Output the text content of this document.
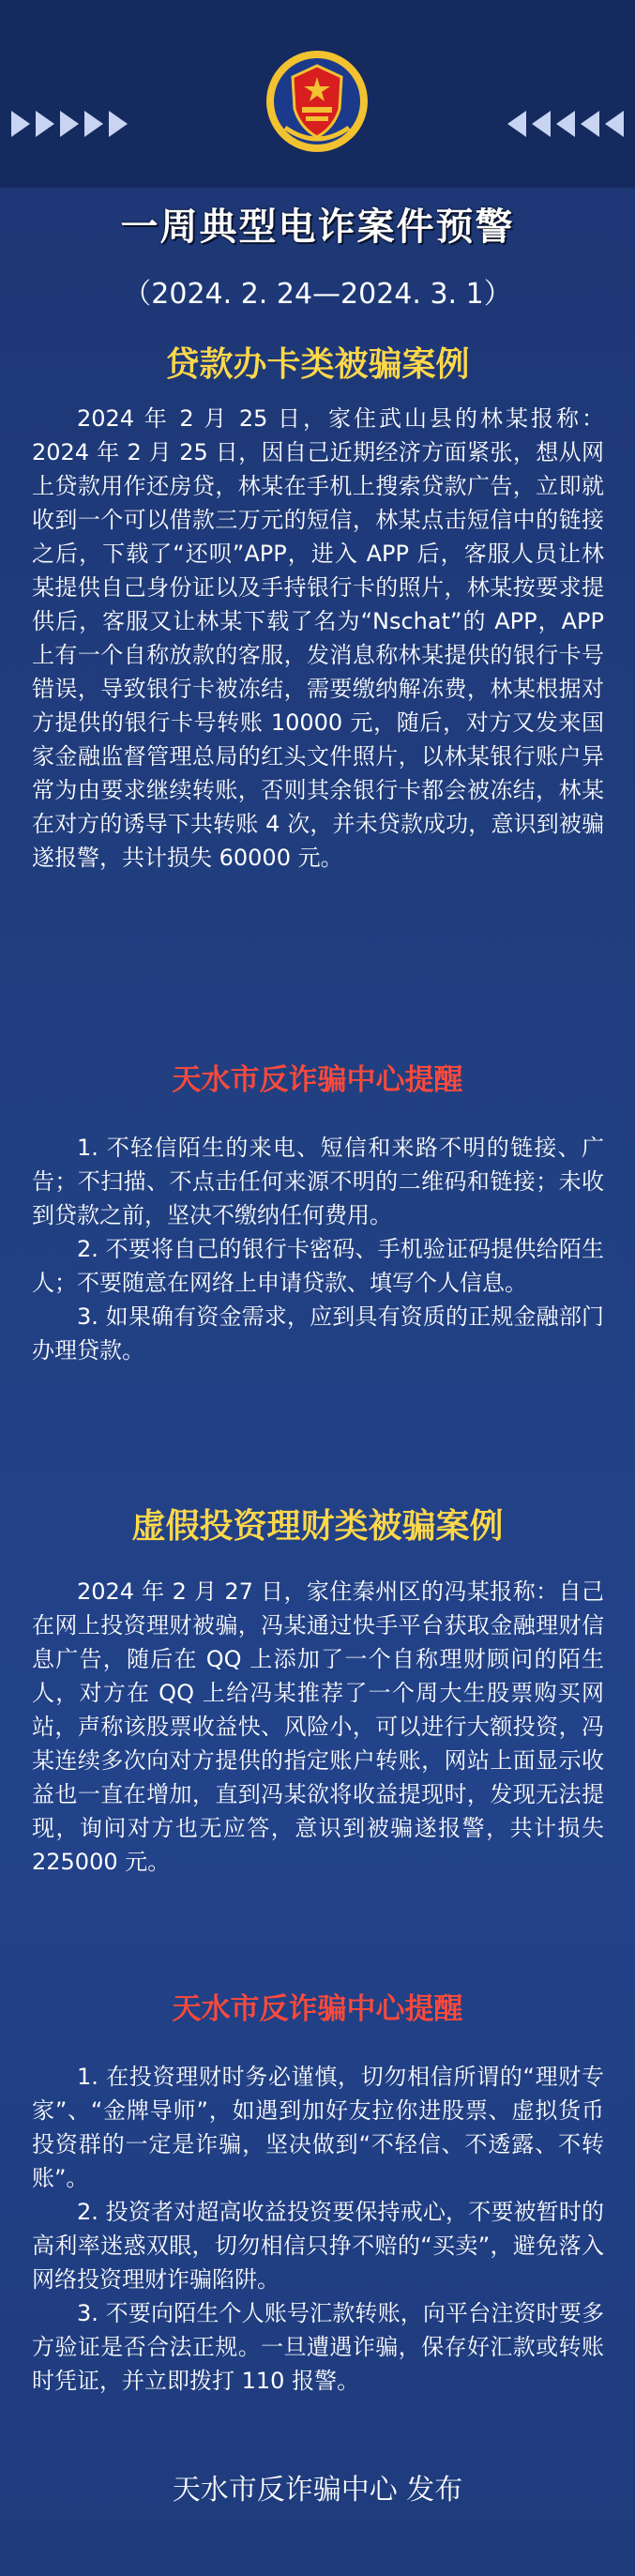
一周典型电诈案件预警
（2024. 2. 24—2024. 3. 1）
贷款办卡类被骗案例
2024 年 2 月 25 日，家住武山县的林某报称：2024 年 2 月 25 日，因自己近期经济方面紧张，想从网上贷款用作还房贷，林某在手机上搜索贷款广告，立即就收到一个可以借款三万元的短信，林某点击短信中的链接之后，下载了“还呗”APP，进入 APP 后，客服人员让林某提供自己身份证以及手持银行卡的照片，林某按要求提供后，客服又让林某下载了名为“Nschat”的 APP，APP 上有一个自称放款的客服，发消息称林某提供的银行卡号错误，导致银行卡被冻结，需要缴纳解冻费，林某根据对方提供的银行卡号转账 10000 元，随后，对方又发来国家金融监督管理总局的红头文件照片，以林某银行账户异常为由要求继续转账，否则其余银行卡都会被冻结，林某在对方的诱导下共转账 4 次，并未贷款成功，意识到被骗遂报警，共计损失 60000 元。
天水市反诈骗中心提醒

1. 不轻信陌生的来电、短信和来路不明的链接、广告；不扫描、不点击任何来源不明的二维码和链接；未收到贷款之前，坚决不缴纳任何费用。

2. 不要将自己的银行卡密码、手机验证码提供给陌生人；不要随意在网络上申请贷款、填写个人信息。

3. 如果确有资金需求，应到具有资质的正规金融部门办理贷款。

虚假投资理财类被骗案例
2024 年 2 月 27 日，家住秦州区的冯某报称：自己在网上投资理财被骗，冯某通过快手平台获取金融理财信息广告，随后在 QQ 上添加了一个自称理财顾问的陌生人，对方在 QQ 上给冯某推荐了一个周大生股票购买网站，声称该股票收益快、风险小，可以进行大额投资，冯某连续多次向对方提供的指定账户转账，网站上面显示收益也一直在增加，直到冯某欲将收益提现时，发现无法提现，询问对方也无应答，意识到被骗遂报警，共计损失225000 元。
天水市反诈骗中心提醒

1. 在投资理财时务必谨慎，切勿相信所谓的“理财专家”、“金牌导师”，如遇到加好友拉你进股票、虚拟货币投资群的一定是诈骗，坚决做到“不轻信、不透露、不转账”。

2. 投资者对超高收益投资要保持戒心，不要被暂时的高利率迷惑双眼，切勿相信只挣不赔的“买卖”，避免落入网络投资理财诈骗陷阱。

3. 不要向陌生个人账号汇款转账，向平台注资时要多方验证是否合法正规。一旦遭遇诈骗，保存好汇款或转账时凭证，并立即拨打 110 报警。

天水市反诈骗中心 发布
